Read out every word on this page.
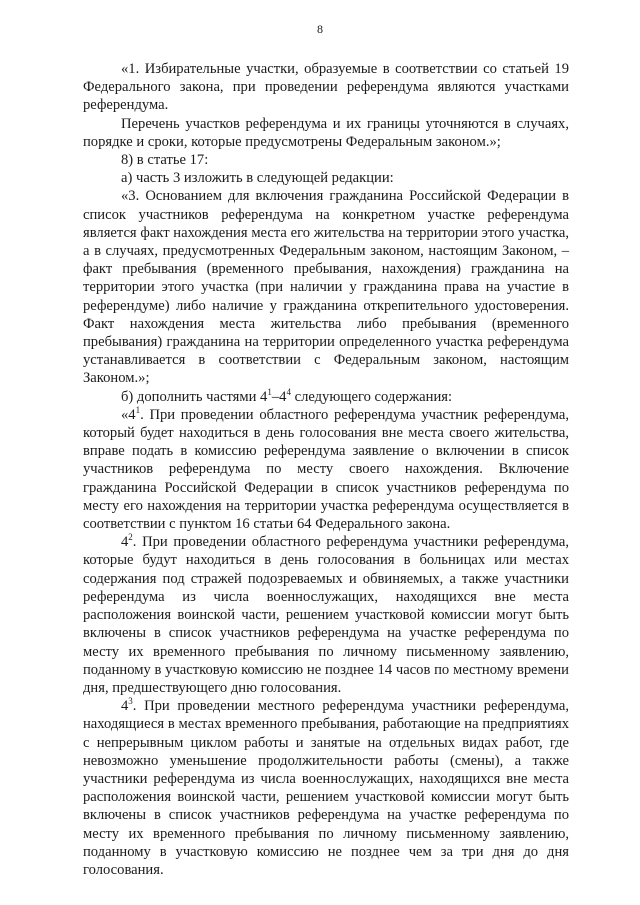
8

«1. Избирательные участки, образуемые в соответствии со статьей 19 Федерального закона, при проведении референдума являются участками референдума.

Перечень участков референдума и их границы уточняются в случаях, порядке и сроки, которые предусмотрены Федеральным законом.»;

8) в статье 17:

а) часть 3 изложить в следующей редакции:

«3. Основанием для включения гражданина Российской Федерации в список участников референдума на конкретном участке референдума является факт нахождения места его жительства на территории этого участка, а в случаях, предусмотренных Федеральным законом, настоящим Законом, – факт пребывания (временного пребывания, нахождения) гражданина на территории этого участка (при наличии у гражданина права на участие в референдуме) либо наличие у гражданина открепительного удостоверения. Факт нахождения места жительства либо пребывания (временного пребывания) гражданина на территории определенного участка референдума устанавливается в соответствии с Федеральным законом, настоящим Законом.»;

б) дополнить частями $4^1-4^4$ следующего содержания:

«$4^1$. При проведении областного референдума участник референдума, который будет находиться в день голосования вне места своего жительства, вправе подать в комиссию референдума заявление о включении в список участников референдума по месту своего нахождения. Включение гражданина Российской Федерации в список участников референдума по месту его нахождения на территории участка референдума осуществляется в соответствии с пунктом 16 статьи 64 Федерального закона.

$4^2$. При проведении областного референдума участники референдума, которые будут находиться в день голосования в больницах или местах содержания под стражей подозреваемых и обвиняемых, а также участники референдума из числа военнослужащих, находящихся вне места расположения воинской части, решением участковой комиссии могут быть включены в список участников референдума на участке референдума по месту их временного пребывания по личному письменному заявлению, поданному в участковую комиссию не позднее 14 часов по местному времени дня, предшествующего дню голосования.

$4^3$. При проведении местного референдума участники референдума, находящиеся в местах временного пребывания, работающие на предприятиях с непрерывным циклом работы и занятые на отдельных видах работ, где невозможно уменьшение продолжительности работы (смены), а также участники референдума из числа военнослужащих, находящихся вне места расположения воинской части, решением участковой комиссии могут быть включены в список участников референдума на участке референдума по месту их временного пребывания по личному письменному заявлению, поданному в участковую комиссию не позднее чем за три дня до дня голосования.
